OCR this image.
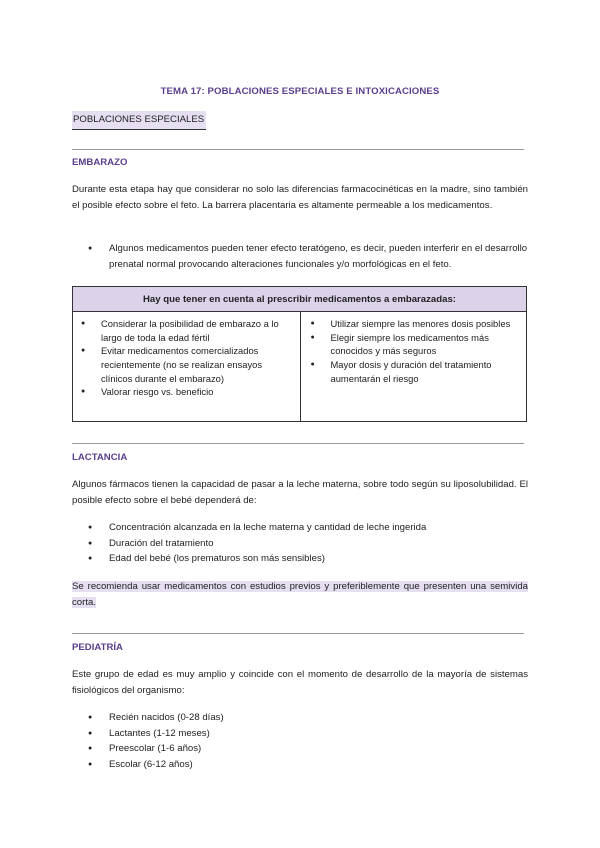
TEMA 17: POBLACIONES ESPECIALES E INTOXICACIONES
POBLACIONES ESPECIALES
EMBARAZO
Durante esta etapa hay que considerar no solo las diferencias farmacocinéticas en la madre, sino también el posible efecto sobre el feto. La barrera placentaria es altamente permeable a los medicamentos.
● Algunos medicamentos pueden tener efecto teratógeno, es decir, pueden interferir en el desarrollo prenatal normal provocando alteraciones funcionales y/o morfológicas en el feto.
Hay que tener en cuenta al prescribir medicamentos a embarazadas:
● Considerar la posibilidad de embarazo a lo largo de toda la edad fértil
● Evitar medicamentos comercializados recientemente (no se realizan ensayos clínicos durante el embarazo)
● Valorar riesgo vs. beneficio
● Utilizar siempre las menores dosis posibles
● Elegir siempre los medicamentos más conocidos y más seguros
● Mayor dosis y duración del tratamiento aumentarán el riesgo
LACTANCIA
Algunos fármacos tienen la capacidad de pasar a la leche materna, sobre todo según su liposolubilidad. El posible efecto sobre el bebé dependerá de:
● Concentración alcanzada en la leche materna y cantidad de leche ingerida
● Duración del tratamiento
● Edad del bebé (los prematuros son más sensibles)
Se recomienda usar medicamentos con estudios previos y preferiblemente que presenten una semivida corta.
PEDIATRÍA
Este grupo de edad es muy amplio y coincide con el momento de desarrollo de la mayoría de sistemas fisiológicos del organismo:
● Recién nacidos (0-28 días)
● Lactantes (1-12 meses)
● Preescolar (1-6 años)
● Escolar (6-12 años)
